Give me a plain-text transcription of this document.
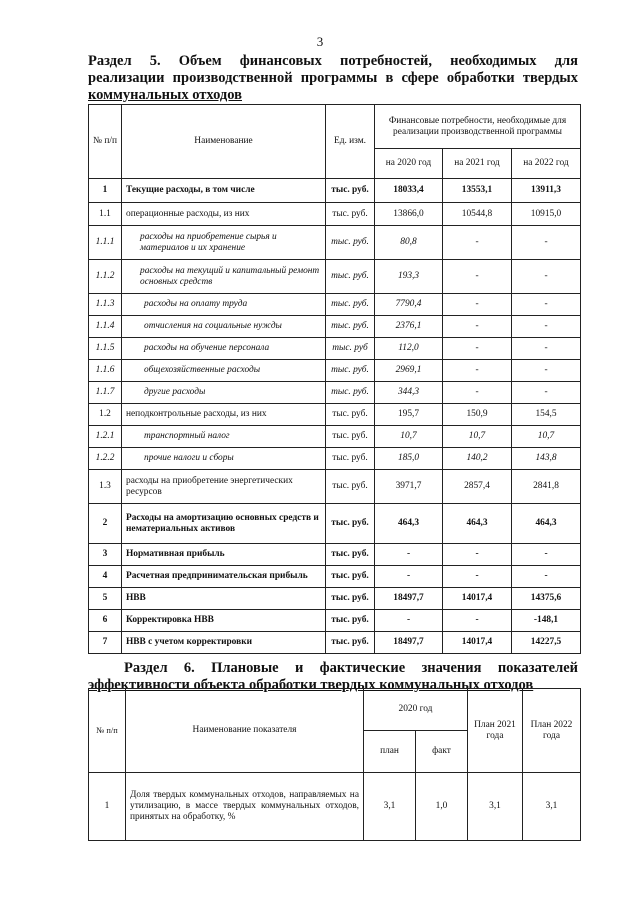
3
Раздел 5. Объем финансовых потребностей, необходимых для
реализации производственной программы в сфере обработки твердых
коммунальных отходов
№ п/п	Наименование	Ед. изм.	Финансовые потребности, необходимые для реализации производственной программы		
			на 2020 год	на 2021 год	на 2022 год
1	Текущие расходы, в том числе	тыс. руб.	18033,4	13553,1	13911,3
1.1	операционные расходы, из них	тыс. руб.	13866,0	10544,8	10915,0
1.1.1	расходы на приобретение сырья и материалов и их хранение	тыс. руб.	80,8	-	-
1.1.2	расходы на текущий и капитальный ремонт основных средств	тыс. руб.	193,3	-	-
1.1.3	расходы на оплату труда	тыс. руб.	7790,4	-	-
1.1.4	отчисления на социальные нужды	тыс. руб.	2376,1	-	-
1.1.5	расходы на обучение персонала	тыс. руб	112,0	-	-
1.1.6	общехозяйственные расходы	тыс. руб.	2969,1	-	-
1.1.7	другие расходы	тыс. руб.	344,3	-	-
1.2	неподконтрольные расходы, из них	тыс. руб.	195,7	150,9	154,5
1.2.1	транспортный налог	тыс. руб.	10,7	10,7	10,7
1.2.2	прочие налоги и сборы	тыс. руб.	185,0	140,2	143,8
1.3	расходы на приобретение энергетических ресурсов	тыс. руб.	3971,7	2857,4	2841,8
2	Расходы на амортизацию основных средств и нематериальных активов	тыс. руб.	464,3	464,3	464,3
3	Нормативная прибыль	тыс. руб.	-	-	-
4	Расчетная предпринимательская прибыль	тыс. руб.	-	-	-
5	НВВ	тыс. руб.	18497,7	14017,4	14375,6
6	Корректировка НВВ	тыс. руб.	-	-	-148,1
7	НВВ с учетом корректировки	тыс. руб.	18497,7	14017,4	14227,5
Раздел 6. Плановые и фактические значения показателей
эффективности объекта обработки твердых коммунальных отходов
№ п/п	Наименование показателя	2020 год		План 2021 года	План 2022 года
		план	факт		
1	Доля твердых коммунальных отходов, направляемых на утилизацию, в массе твердых коммунальных отходов, принятых на обработку, %	3,1	1,0	3,1	3,1
